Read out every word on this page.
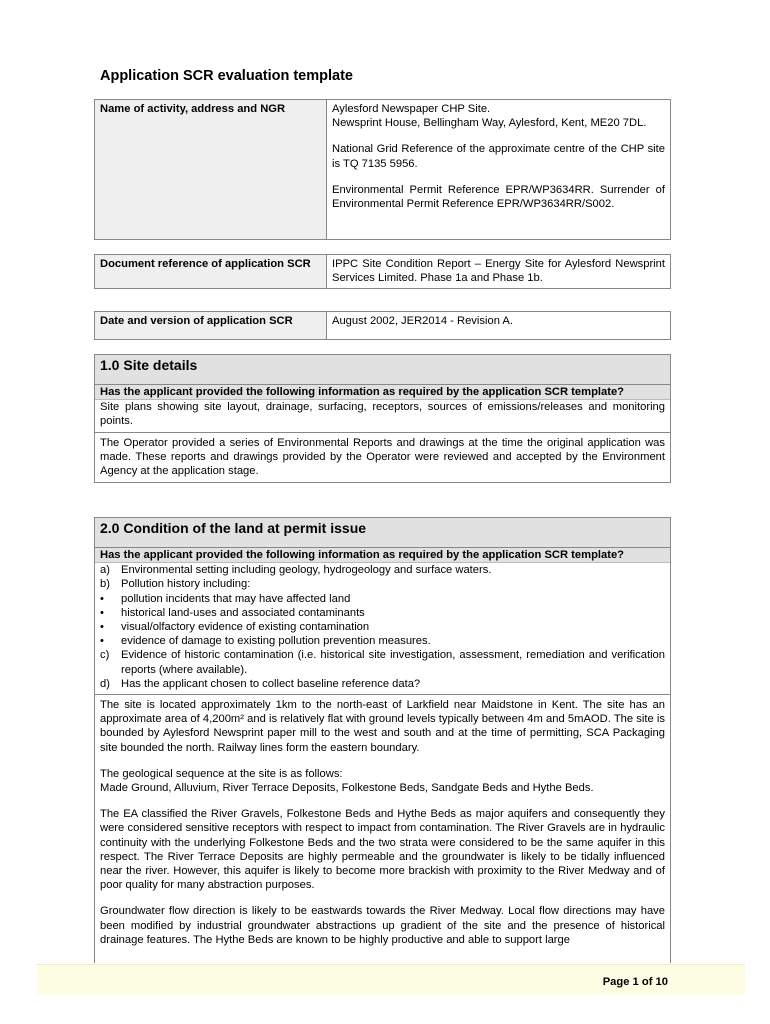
Application SCR evaluation template
Name of activity, address and NGR	Aylesford Newspaper CHP Site.
Newsprint House, Bellingham Way, Aylesford, Kent, ME20 7DL.

National Grid Reference of the approximate centre of the CHP site is TQ 7135 5956.

Environmental Permit Reference EPR/WP3634RR. Surrender of Environmental Permit Reference EPR/WP3634RR/S002.

Document reference of application SCR	IPPC Site Condition Report – Energy Site for Aylesford Newsprint Services Limited. Phase 1a and Phase 1b.

Date and version of application SCR	August 2002, JER2014 - Revision A.

1.0 Site details
Has the applicant provided the following information as required by the application SCR template?
Site plans showing site layout, drainage, surfacing, receptors, sources of emissions/releases and monitoring points.

The Operator provided a series of Environmental Reports and drawings at the time the original application was made. These reports and drawings provided by the Operator were reviewed and accepted by the Environment Agency at the application stage.

2.0 Condition of the land at permit issue
Has the applicant provided the following information as required by the application SCR template?
a) Environmental setting including geology, hydrogeology and surface waters.
b) Pollution history including:
•	pollution incidents that may have affected land
•	historical land-uses and associated contaminants
•	visual/olfactory evidence of existing contamination
•	evidence of damage to existing pollution prevention measures.
c)	Evidence of historic contamination (i.e. historical site investigation, assessment, remediation and verification reports (where available).
d) Has the applicant chosen to collect baseline reference data?

The site is located approximately 1km to the north-east of Larkfield near Maidstone in Kent. The site has an approximate area of 4,200m² and is relatively flat with ground levels typically between 4m and 5mAOD. The site is bounded by Aylesford Newsprint paper mill to the west and south and at the time of permitting, SCA Packaging site bounded the north. Railway lines form the eastern boundary.

The geological sequence at the site is as follows:
Made Ground, Alluvium, River Terrace Deposits, Folkestone Beds, Sandgate Beds and Hythe Beds.

The EA classified the River Gravels, Folkestone Beds and Hythe Beds as major aquifers and consequently they were considered sensitive receptors with respect to impact from contamination. The River Gravels are in hydraulic continuity with the underlying Folkestone Beds and the two strata were considered to be the same aquifer in this respect. The River Terrace Deposits are highly permeable and the groundwater is likely to be tidally influenced near the river. However, this aquifer is likely to become more brackish with proximity to the River Medway and of poor quality for many abstraction purposes.

Groundwater flow direction is likely to be eastwards towards the River Medway. Local flow directions may have been modified by industrial groundwater abstractions up gradient of the site and the presence of historical drainage features. The Hythe Beds are known to be highly productive and able to support large

Page 1 of 10
